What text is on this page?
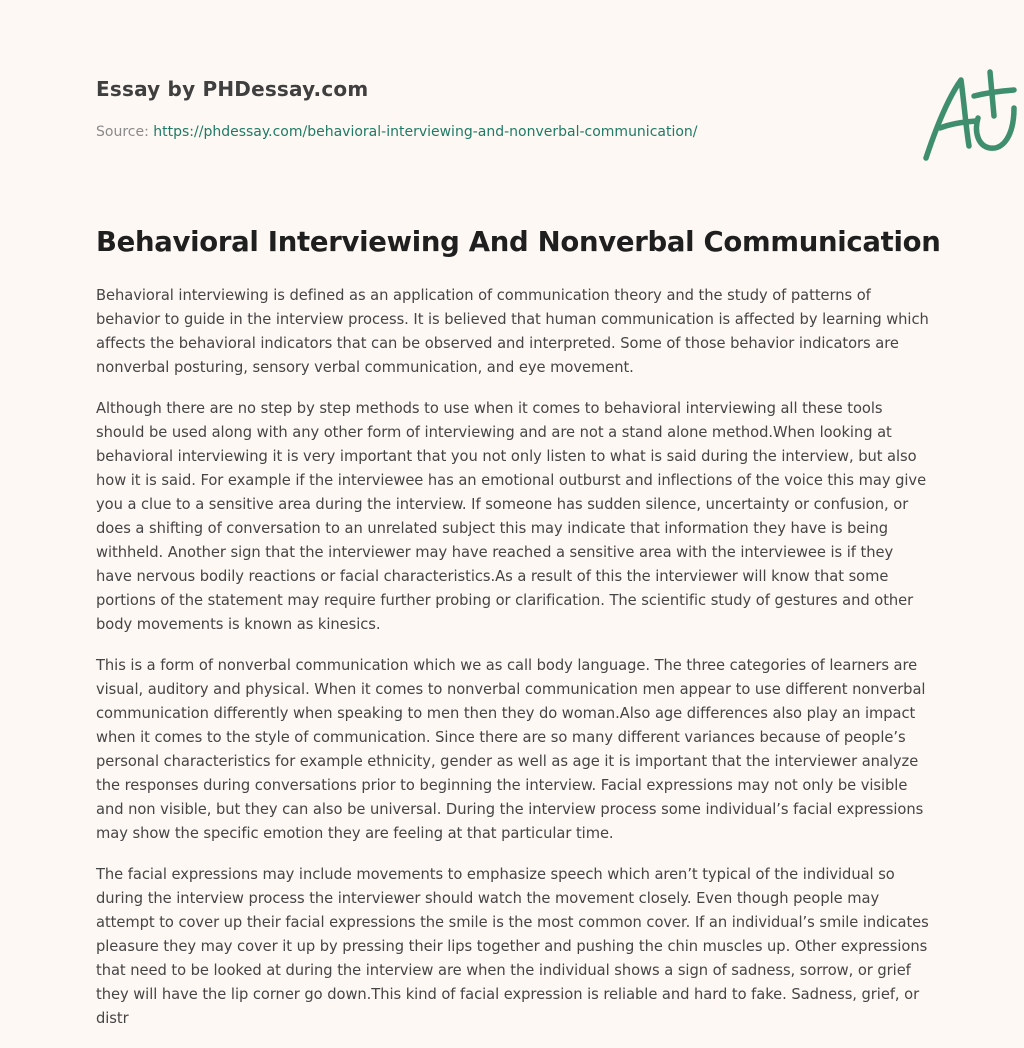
Essay by PHDessay.com
Source: https://phdessay.com/behavioral-interviewing-and-nonverbal-communication/
Behavioral Interviewing And Nonverbal Communication

Behavioral interviewing is defined as an application of communication theory and the study of patterns of behavior to guide in the interview process. It is believed that human communication is affected by learning which affects the behavioral indicators that can be observed and interpreted. Some of those behavior indicators are nonverbal posturing, sensory verbal communication, and eye movement.

Although there are no step by step methods to use when it comes to behavioral interviewing all these tools should be used along with any other form of interviewing and are not a stand alone method.When looking at behavioral interviewing it is very important that you not only listen to what is said during the interview, but also how it is said. For example if the interviewee has an emotional outburst and inflections of the voice this may give you a clue to a sensitive area during the interview. If someone has sudden silence, uncertainty or confusion, or does a shifting of conversation to an unrelated subject this may indicate that information they have is being withheld. Another sign that the interviewer may have reached a sensitive area with the interviewee is if they have nervous bodily reactions or facial characteristics.As a result of this the interviewer will know that some portions of the statement may require further probing or clarification. The scientific study of gestures and other body movements is known as kinesics.

This is a form of nonverbal communication which we as call body language. The three categories of learners are visual, auditory and physical. When it comes to nonverbal communication men appear to use different nonverbal communication differently when speaking to men then they do woman.Also age differences also play an impact when it comes to the style of communication. Since there are so many different variances because of people’s personal characteristics for example ethnicity, gender as well as age it is important that the interviewer analyze the responses during conversations prior to beginning the interview. Facial expressions may not only be visible and non visible, but they can also be universal. During the interview process some individual’s facial expressions may show the specific emotion they are feeling at that particular time.

The facial expressions may include movements to emphasize speech which aren’t typical of the individual so during the interview process the interviewer should watch the movement closely. Even though people may attempt to cover up their facial expressions the smile is the most common cover. If an individual’s smile indicates pleasure they may cover it up by pressing their lips together and pushing the chin muscles up. Other expressions that need to be looked at during the interview are when the individual shows a sign of sadness, sorrow, or grief they will have the lip corner go down.This kind of facial expression is reliable and hard to fake. Sadness, grief, or distr
